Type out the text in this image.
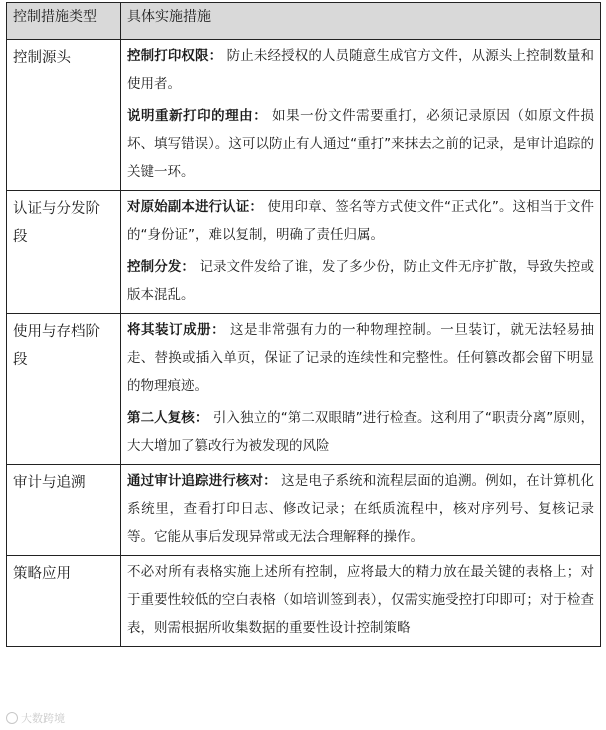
控制措施类型	具体实施措施
控制源头	控制打印权限： 防止未经授权的人员随意生成官方文件，从源头上控制数量和使用者。

说明重新打印的理由： 如果一份文件需要重打，必须记录原因（如原文件损坏、填写错误）。这可以防止有人通过“重打”来抹去之前的记录，是审计追踪的关键一环。

认证与分发阶段	对原始副本进行认证： 使用印章、签名等方式使文件“正式化”。这相当于文件的“身份证”，难以复制，明确了责任归属。

控制分发： 记录文件发给了谁，发了多少份，防止文件无序扩散，导致失控或版本混乱。

使用与存档阶段	将其装订成册： 这是非常强有力的一种物理控制。一旦装订，就无法轻易抽走、替换或插入单页，保证了记录的连续性和完整性。任何篡改都会留下明显的物理痕迹。

第二人复核： 引入独立的“第二双眼睛”进行检查。这利用了“职责分离”原则，大大增加了篡改行为被发现的风险

审计与追溯	通过审计追踪进行核对： 这是电子系统和流程层面的追溯。例如，在计算机化系统里，查看打印日志、修改记录；在纸质流程中，核对序列号、复核记录等。它能从事后发现异常或无法合理解释的操作。

策略应用	不必对所有表格实施上述所有控制，应将最大的精力放在最关键的表格上；对于重要性较低的空白表格（如培训签到表），仅需实施受控打印即可；对于检查表，则需根据所收集数据的重要性设计控制策略

大数跨境
